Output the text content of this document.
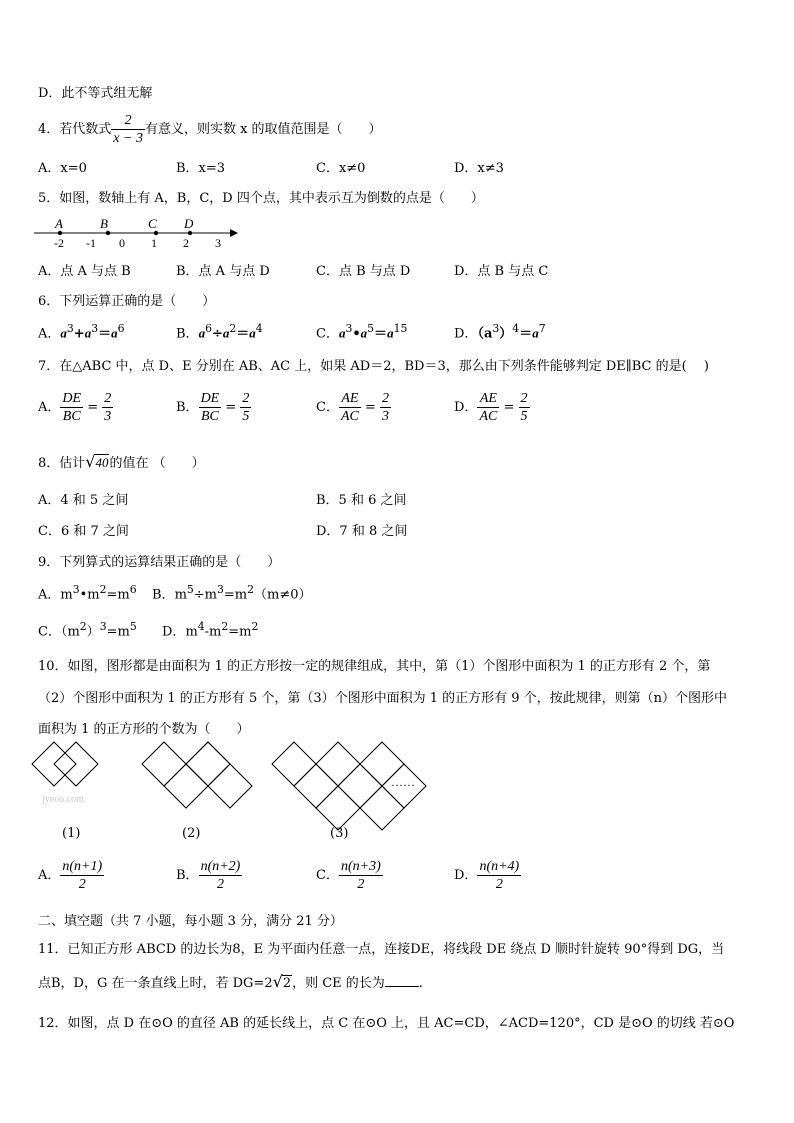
D．此不等式组无解
4．若代数式 $\frac{2}{x - 3}$ 有意义，则实数 x 的取值范围是（　　）
A．x=0	B．x=3	C．x≠0	D．x≠3
5．如图，数轴上有 A，B，C，D 四个点，其中表示互为倒数的点是（　　）
A	B	C D
-2 -1 0 1 2 3
A．点 A 与点 B	B．点 A 与点 D	C．点 B 与点 D	D．点 B 与点 C
6．下列运算正确的是（　　）
A．$a^3+a^3=a^6$	B．$a^6\div a^2=a^4$	C．$a^3•a^5=a^{15}$	D．$(a^3)^4=a^7$
7．在△ABC 中，点 D、E 分别在 AB、AC 上，如果 AD＝2，BD＝3，那么由下列条件能够判定 DE∥BC 的是(　 )
A． $\frac{DE}{BC} = \frac{2}{3}$	B． $\frac{DE}{BC} = \frac{2}{5}$	C． $\frac{AE}{AC} = \frac{2}{3}$	D． $\frac{AE}{AC} = \frac{2}{5}$
8．估计√40的值在 （　　）
A．4 和 5 之间	B．5 和 6 之间
C．6 和 7 之间	D．7 和 8 之间
9．下列算式的运算结果正确的是（　　）
A．$m^3•m^2=m^6$ B．$m^5\div m^3=m^2(m\ne 0)$
C．$(m^2)^3=m^5$ D．$m^4-m^2=m^2$
10．如图，图形都是由面积为 1 的正方形按一定的规律组成，其中，第（1）个图形中面积为 1 的正方形有 2 个，第
（2）个图形中面积为 1 的正方形有 5 个，第（3）个图形中面积为 1 的正方形有 9 个，按此规律，则第（n）个图形中
面积为 1 的正方形的个数为（　　）
……
jyeoo.com
(1)	(2)	(3)
A． $\frac{n(n+1)}{2}$	B． $\frac{n(n+2)}{2}$	C． $\frac{n(n+3)}{2}$	D． $\frac{n(n+4)}{2}$
二、填空题（共 7 小题，每小题 3 分，满分 21 分）
11．已知正方形 ABCD 的边长为8，E 为平面内任意一点，连接DE，将线段 DE 绕点 D 顺时针旋转 90°得到 DG，当
点B，D，G 在一条直线上时，若 DG=2√2，则 CE 的长为	.
12．如图，点 D 在⊙O 的直径 AB 的延长线上，点 C 在⊙O 上，且 AC=CD，∠ACD=120°，CD 是⊙O 的切线 若⊙O
